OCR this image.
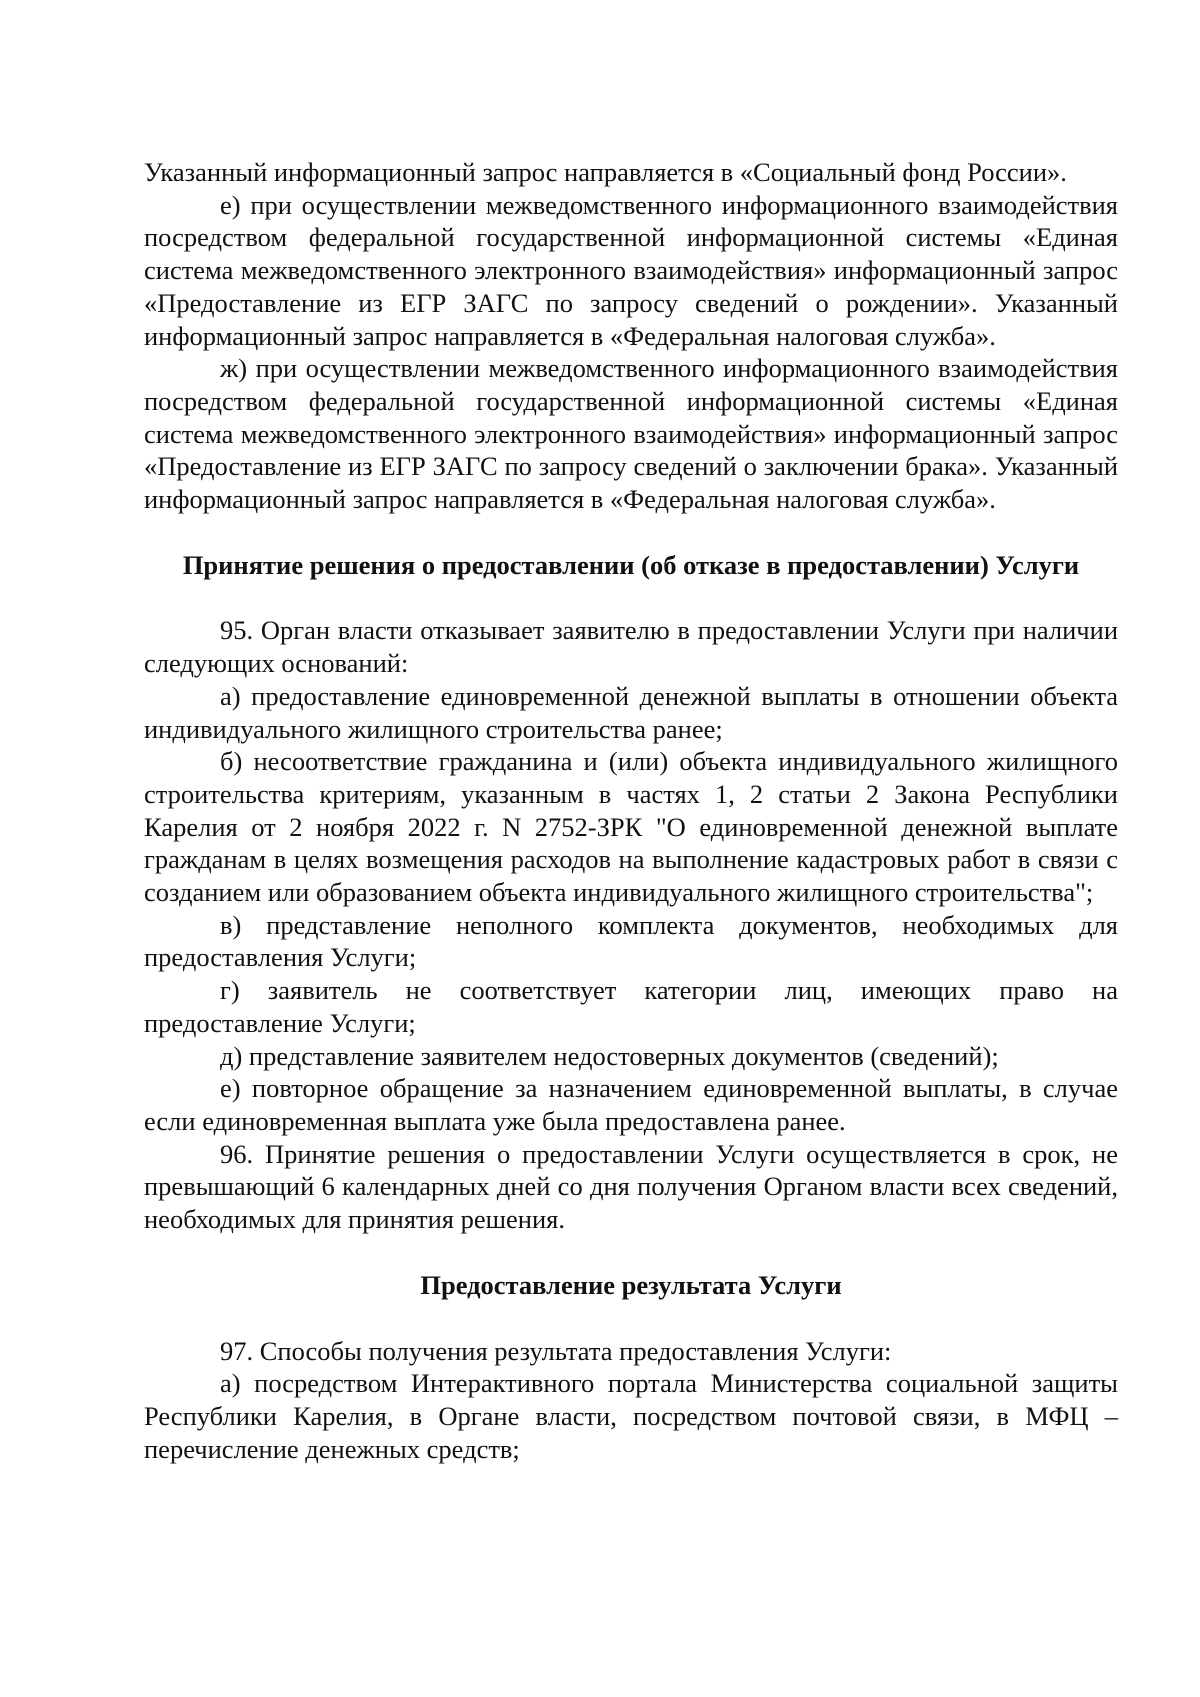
Указанный информационный запрос направляется в «Социальный фонд России».

е) при осуществлении межведомственного информационного взаимодействия посредством федеральной государственной информационной системы «Единая система межведомственного электронного взаимодействия» информационный запрос «Предоставление из ЕГР ЗАГС по запросу сведений о рождении». Указанный информационный запрос направляется в «Федеральная налоговая служба».

ж) при осуществлении межведомственного информационного взаимодействия посредством федеральной государственной информационной системы «Единая система межведомственного электронного взаимодействия» информационный запрос «Предоставление из ЕГР ЗАГС по запросу сведений о заключении брака». Указанный информационный запрос направляется в «Федеральная налоговая служба».

Принятие решения о предоставлении (об отказе в предоставлении) Услуги

95. Орган власти отказывает заявителю в предоставлении Услуги при наличии следующих оснований:

а) предоставление единовременной денежной выплаты в отношении объекта индивидуального жилищного строительства ранее;

б) несоответствие гражданина и (или) объекта индивидуального жилищного строительства критериям, указанным в частях 1, 2 статьи 2 Закона Республики Карелия от 2 ноября 2022 г. N 2752-ЗРК "О единовременной денежной выплате гражданам в целях возмещения расходов на выполнение кадастровых работ в связи с созданием или образованием объекта индивидуального жилищного строительства";

в) представление неполного комплекта документов, необходимых для предоставления Услуги;

г) заявитель не соответствует категории лиц, имеющих право на предоставление Услуги;

д) представление заявителем недостоверных документов (сведений);

е) повторное обращение за назначением единовременной выплаты, в случае если единовременная выплата уже была предоставлена ранее.

96. Принятие решения о предоставлении Услуги осуществляется в срок, не превышающий 6 календарных дней со дня получения Органом власти всех сведений, необходимых для принятия решения.

Предоставление результата Услуги

97. Способы получения результата предоставления Услуги:

а) посредством Интерактивного портала Министерства социальной защиты Республики Карелия, в Органе власти, посредством почтовой связи, в МФЦ – перечисление денежных средств;
